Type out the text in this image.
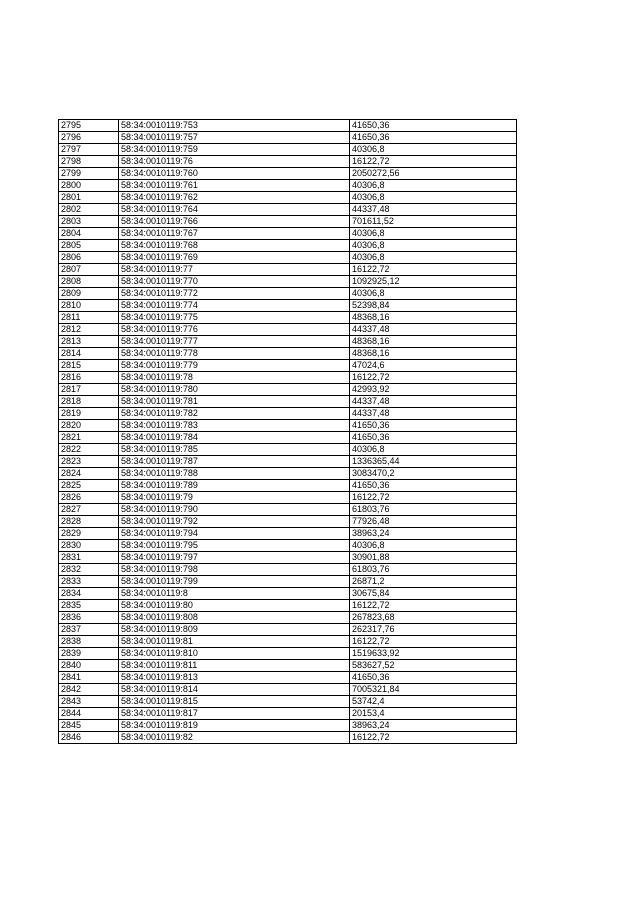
2795	58:34:0010119:753	41650,36
2796	58:34:0010119:757	41650,36
2797	58:34:0010119:759	40306,8
2798	58:34:0010119:76	16122,72
2799	58:34:0010119:760	2050272,56
2800	58:34:0010119:761	40306,8
2801	58:34:0010119:762	40306,8
2802	58:34:0010119:764	44337,48
2803	58:34:0010119:766	701611,52
2804	58:34:0010119:767	40306,8
2805	58:34:0010119:768	40306,8
2806	58:34:0010119:769	40306,8
2807	58:34:0010119:77	16122,72
2808	58:34:0010119:770	1092925,12
2809	58:34:0010119:772	40306,8
2810	58:34:0010119:774	52398,84
2811	58:34:0010119:775	48368,16
2812	58:34:0010119:776	44337,48
2813	58:34:0010119:777	48368,16
2814	58:34:0010119:778	48368,16
2815	58:34:0010119:779	47024,6
2816	58:34:0010119:78	16122,72
2817	58:34:0010119:780	42993,92
2818	58:34:0010119:781	44337,48
2819	58:34:0010119:782	44337,48
2820	58:34:0010119:783	41650,36
2821	58:34:0010119:784	41650,36
2822	58:34:0010119:785	40306,8
2823	58:34:0010119:787	1336365,44
2824	58:34:0010119:788	3083470,2
2825	58:34:0010119:789	41650,36
2826	58:34:0010119:79	16122,72
2827	58:34:0010119:790	61803,76
2828	58:34:0010119:792	77926,48
2829	58:34:0010119:794	38963,24
2830	58:34:0010119:795	40306,8
2831	58:34:0010119:797	30901,88
2832	58:34:0010119:798	61803,76
2833	58:34:0010119:799	26871,2
2834	58:34:0010119:8	30675,84
2835	58:34:0010119:80	16122,72
2836	58:34:0010119:808	267823,68
2837	58:34:0010119:809	262317,76
2838	58:34:0010119:81	16122,72
2839	58:34:0010119:810	1519633,92
2840	58:34:0010119:811	583627,52
2841	58:34:0010119:813	41650,36
2842	58:34:0010119:814	7005321,84
2843	58:34:0010119:815	53742,4
2844	58:34:0010119:817	20153,4
2845	58:34:0010119:819	38963,24
2846	58:34:0010119:82	16122,72
